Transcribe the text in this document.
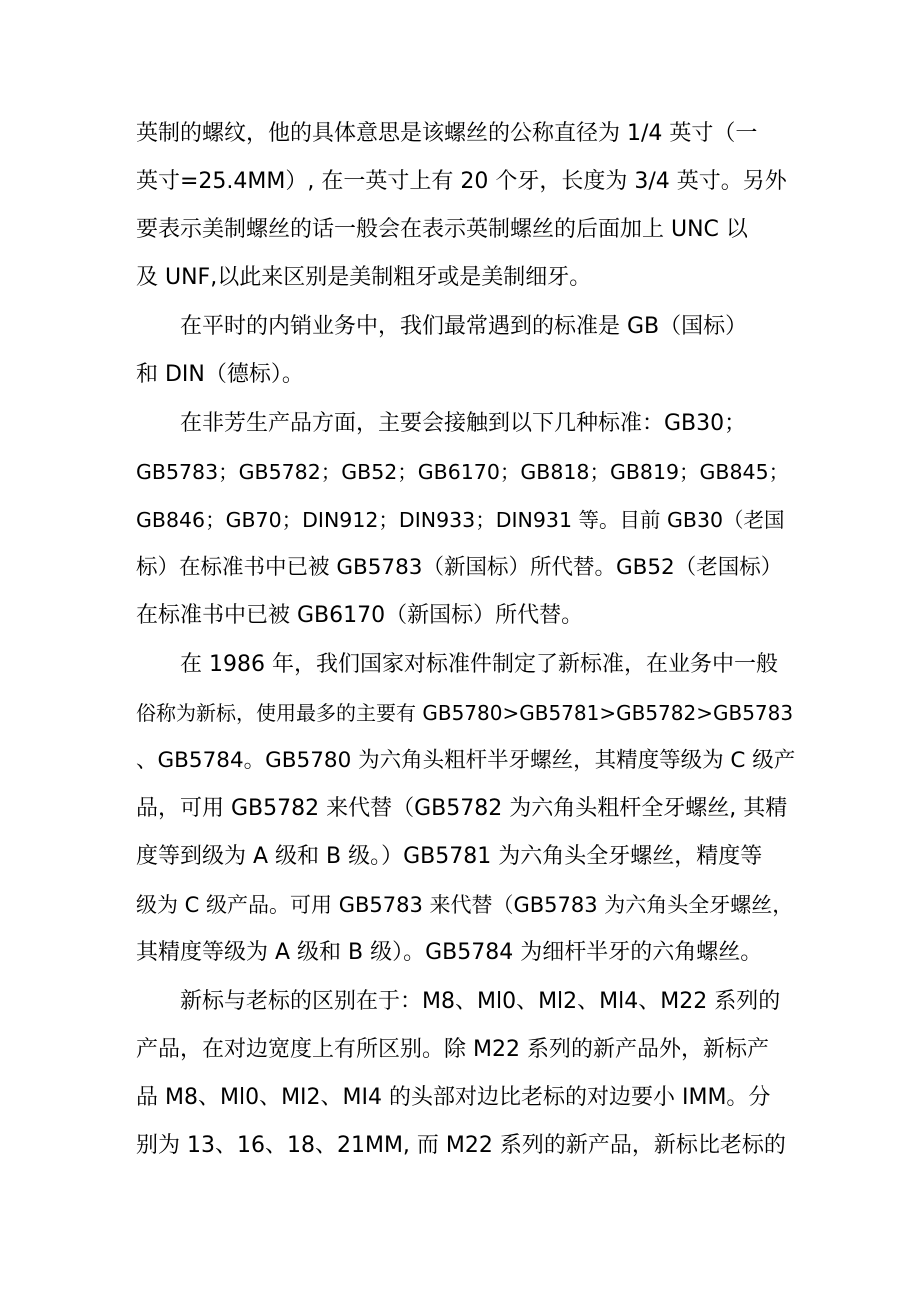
英制的螺纹，他的具体意思是该螺丝的公称直径为 1/4 英寸（一
英寸=25.4MM）, 在一英寸上有 20 个牙，长度为 3/4 英寸。另外
要表示美制螺丝的话一般会在表示英制螺丝的后面加上 UNC 以
及 UNF,以此来区别是美制粗牙或是美制细牙。
在平时的内销业务中，我们最常遇到的标准是 GB（国标）
和 DIN（德标）。
在非芳生产品方面，主要会接触到以下几种标准：GB30；
GB5783；GB5782；GB52；GB6170；GB818；GB819；GB845；
GB846；GB70；DIN912；DIN933；DIN931 等。目前 GB30（老国
标）在标准书中已被 GB5783（新国标）所代替。GB52（老国标）
在标准书中已被 GB6170（新国标）所代替。
在 1986 年，我们国家对标准件制定了新标准，在业务中一般
俗称为新标，使用最多的主要有 GB5780>GB5781>GB5782>GB5783
、GB5784。GB5780 为六角头粗杆半牙螺丝，其精度等级为 C 级产
品，可用 GB5782 来代替（GB5782 为六角头粗杆全牙螺丝, 其精
度等到级为 A 级和 B 级。）GB5781 为六角头全牙螺丝，精度等
级为 C 级产品。可用 GB5783 来代替（GB5783 为六角头全牙螺丝，
其精度等级为 A 级和 B 级）。GB5784 为细杆半牙的六角螺丝。
新标与老标的区别在于：M8、Ml0、Ml2、Ml4、M22 系列的
产品，在对边宽度上有所区别。除 M22 系列的新产品外，新标产
品 M8、Ml0、MI2、MI4 的头部对边比老标的对边要小 IMM。分
别为 13、16、18、21MM, 而 M22 系列的新产品，新标比老标的
